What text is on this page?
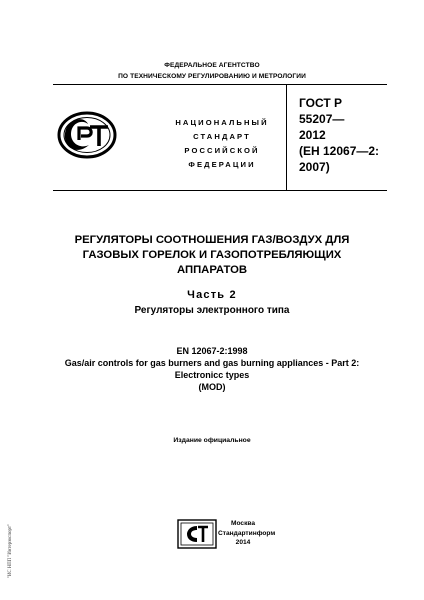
ФЕДЕРАЛЬНОЕ АГЕНТСТВО
ПО ТЕХНИЧЕСКОМУ РЕГУЛИРОВАНИЮ И МЕТРОЛОГИИ
НАЦИОНАЛЬНЫЙ
СТАНДАРТ
РОССИЙСКОЙ
ФЕДЕРАЦИИ
ГОСТ Р
55207—
2012
(ЕН 12067—2:
2007)
РЕГУЛЯТОРЫ СООТНОШЕНИЯ ГАЗ/ВОЗДУХ ДЛЯ
ГАЗОВЫХ ГОРЕЛОК И ГАЗОПОТРЕБЛЯЮЩИХ
АППАРАТОВ
Часть 2
Регуляторы электронного типа
EN 12067-2:1998
Gas/air controls for gas burners and gas burning appliances - Part 2:
Electronicc types
(MOD)
Издание официальное
Москва
Стандартинформ
2014
"ИС НПП "Интерэкспорт"
